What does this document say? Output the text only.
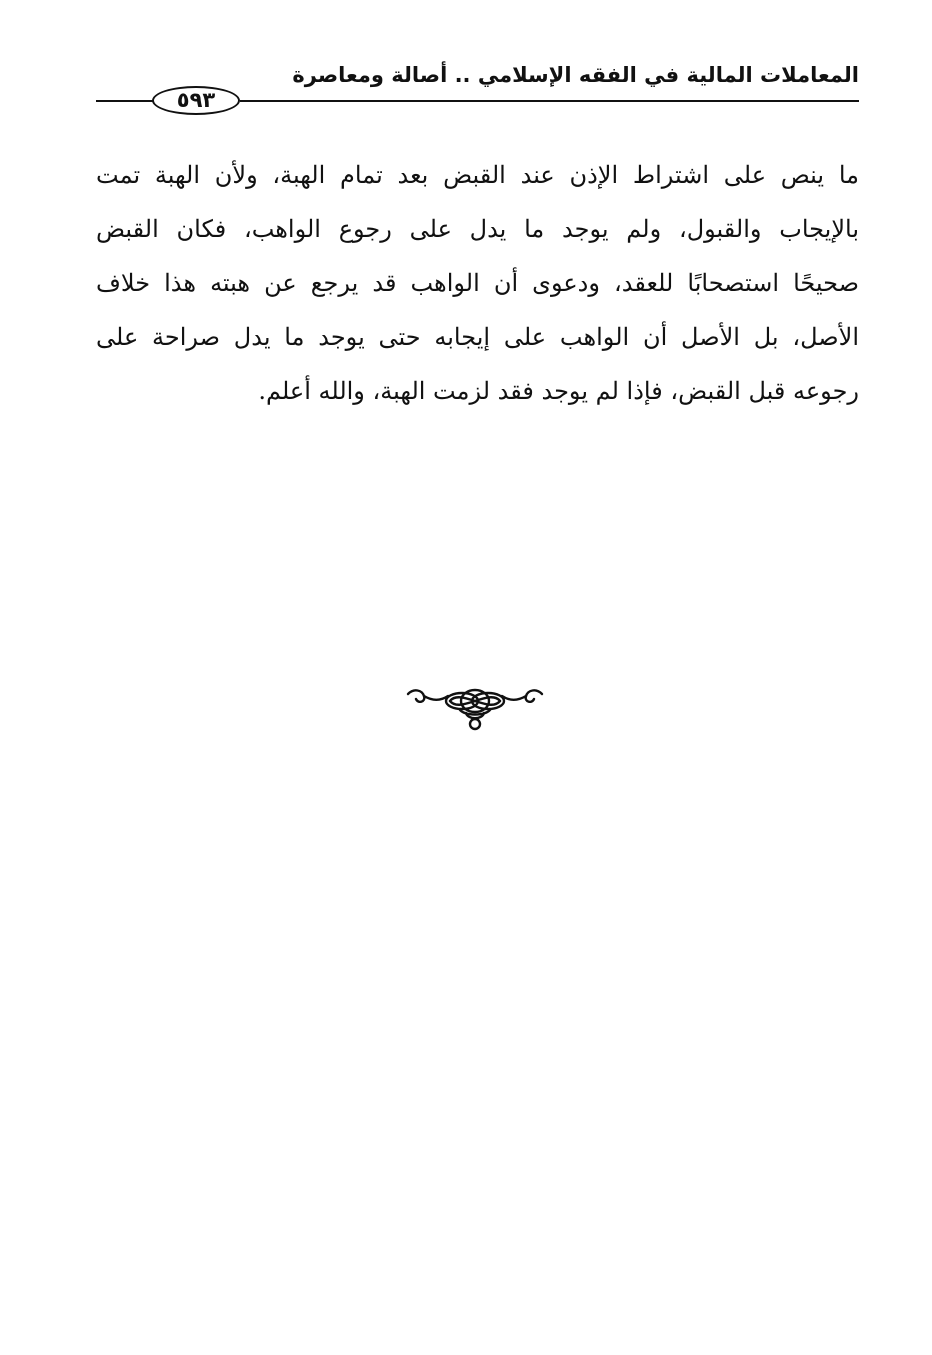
المعاملات المالية في الفقه الإسلامي .. أصالة ومعاصرة
٥٩٣
ما ينص على اشتراط الإذن عند القبض بعد تمام الهبة، ولأن الهبة تمت
بالإيجاب والقبول، ولم يوجد ما يدل على رجوع الواهب، فكان القبض
صحيحًا استصحابًا للعقد، ودعوى أن الواهب قد يرجع عن هبته هذا خلاف
الأصل، بل الأصل أن الواهب على إيجابه حتى يوجد ما يدل صراحة على
رجوعه قبل القبض، فإذا لم يوجد فقد لزمت الهبة، والله أعلم.
